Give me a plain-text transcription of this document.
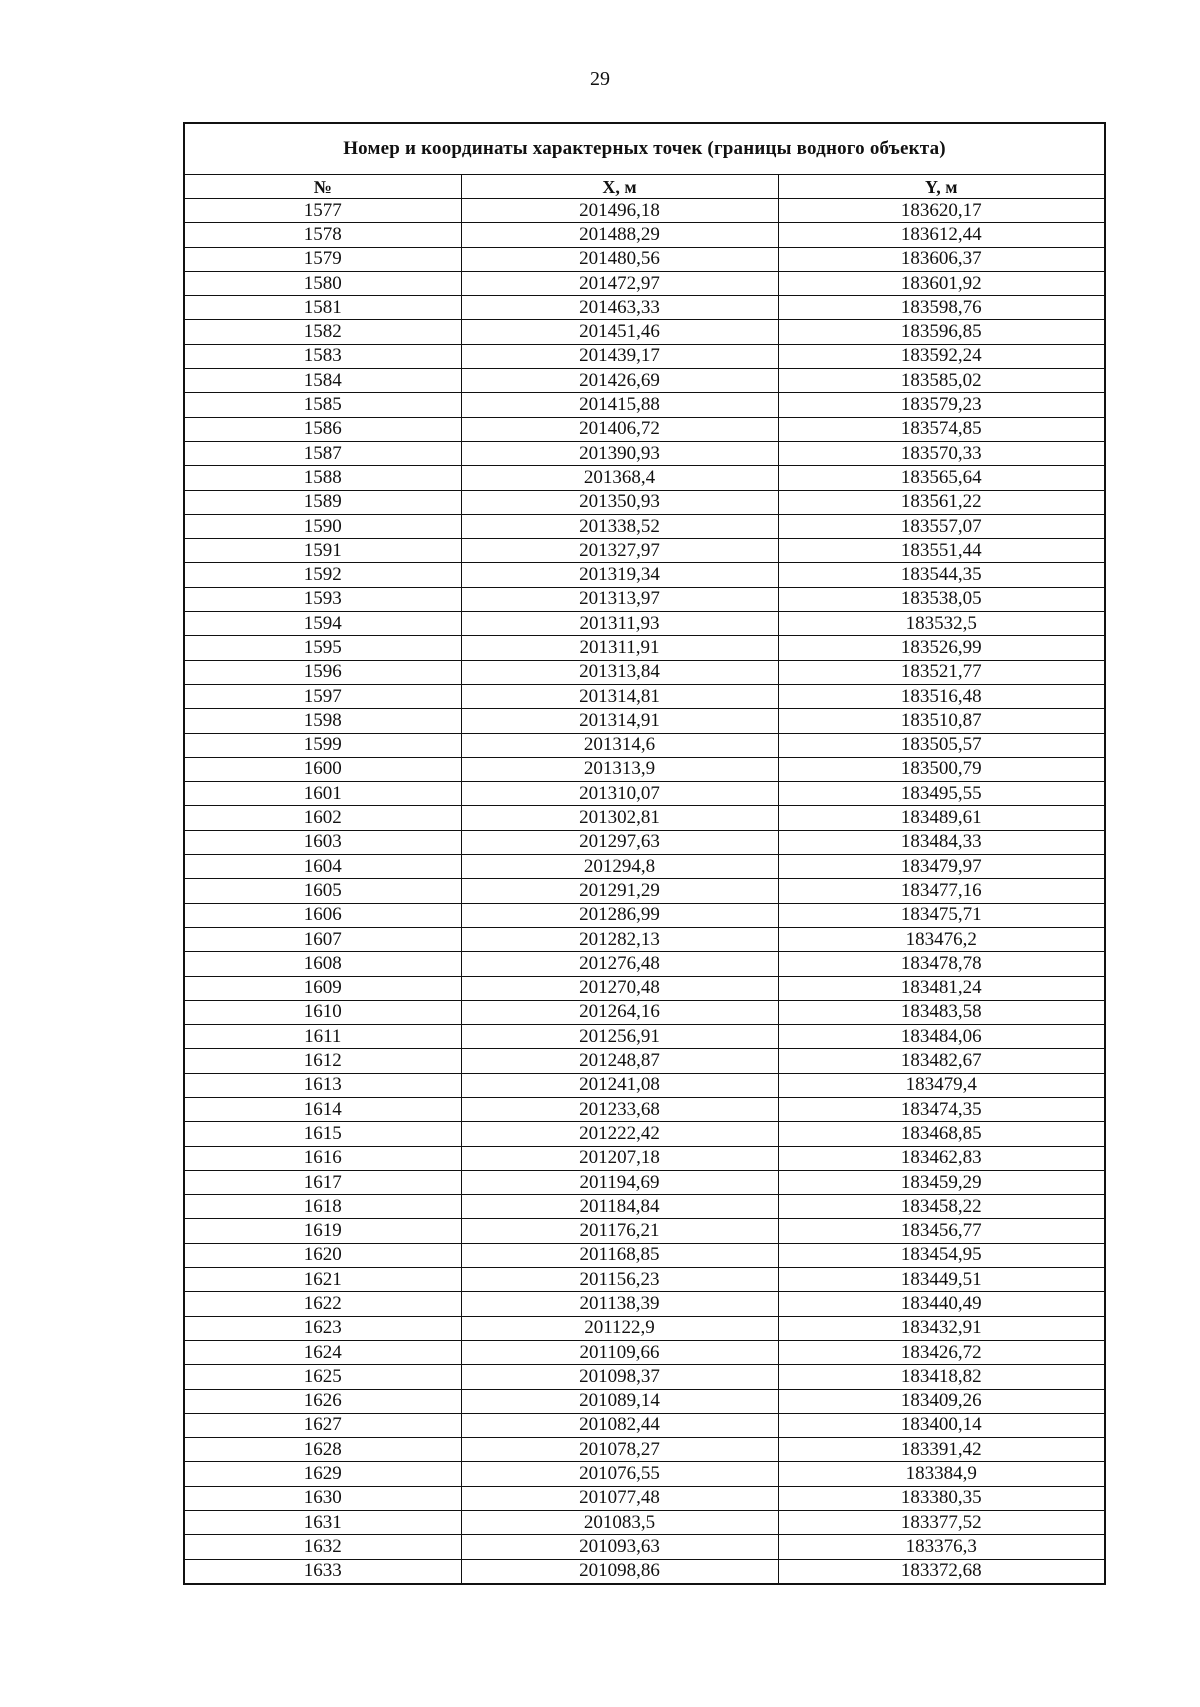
29
Номер и координаты характерных точек (границы водного объекта)		
№	X, м	Y, м
1577	201496,18	183620,17
1578	201488,29	183612,44
1579	201480,56	183606,37
1580	201472,97	183601,92
1581	201463,33	183598,76
1582	201451,46	183596,85
1583	201439,17	183592,24
1584	201426,69	183585,02
1585	201415,88	183579,23
1586	201406,72	183574,85
1587	201390,93	183570,33
1588	201368,4	183565,64
1589	201350,93	183561,22
1590	201338,52	183557,07
1591	201327,97	183551,44
1592	201319,34	183544,35
1593	201313,97	183538,05
1594	201311,93	183532,5
1595	201311,91	183526,99
1596	201313,84	183521,77
1597	201314,81	183516,48
1598	201314,91	183510,87
1599	201314,6	183505,57
1600	201313,9	183500,79
1601	201310,07	183495,55
1602	201302,81	183489,61
1603	201297,63	183484,33
1604	201294,8	183479,97
1605	201291,29	183477,16
1606	201286,99	183475,71
1607	201282,13	183476,2
1608	201276,48	183478,78
1609	201270,48	183481,24
1610	201264,16	183483,58
1611	201256,91	183484,06
1612	201248,87	183482,67
1613	201241,08	183479,4
1614	201233,68	183474,35
1615	201222,42	183468,85
1616	201207,18	183462,83
1617	201194,69	183459,29
1618	201184,84	183458,22
1619	201176,21	183456,77
1620	201168,85	183454,95
1621	201156,23	183449,51
1622	201138,39	183440,49
1623	201122,9	183432,91
1624	201109,66	183426,72
1625	201098,37	183418,82
1626	201089,14	183409,26
1627	201082,44	183400,14
1628	201078,27	183391,42
1629	201076,55	183384,9
1630	201077,48	183380,35
1631	201083,5	183377,52
1632	201093,63	183376,3
1633	201098,86	183372,68
